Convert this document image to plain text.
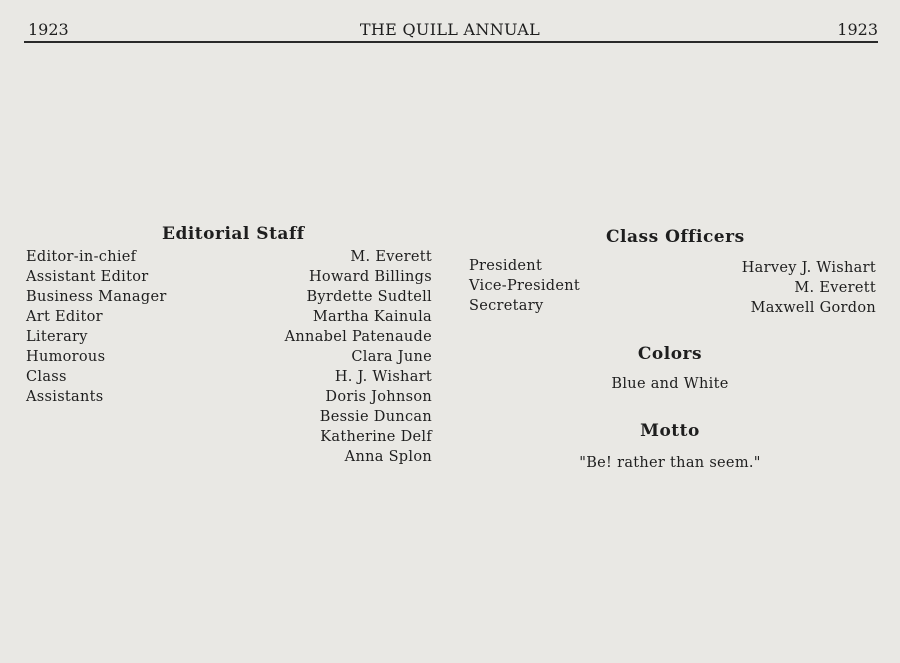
1923	THE QUILL ANNUAL	1923
Editorial Staff
Editor-in-chief
Assistant Editor
Business Manager
Art Editor
Literary
Humorous
Class
Assistants
M. Everett
Howard Billings
Byrdette Sudtell
Martha Kainula
Annabel Patenaude
Clara June
H. J. Wishart
Doris Johnson
Bessie Duncan
Katherine Delf
Anna Splon
Class Officers
President
Vice-President
Secretary
Harvey J. Wishart
M. Everett
Maxwell Gordon
Colors
Blue and White
Motto
"Be! rather than seem."
